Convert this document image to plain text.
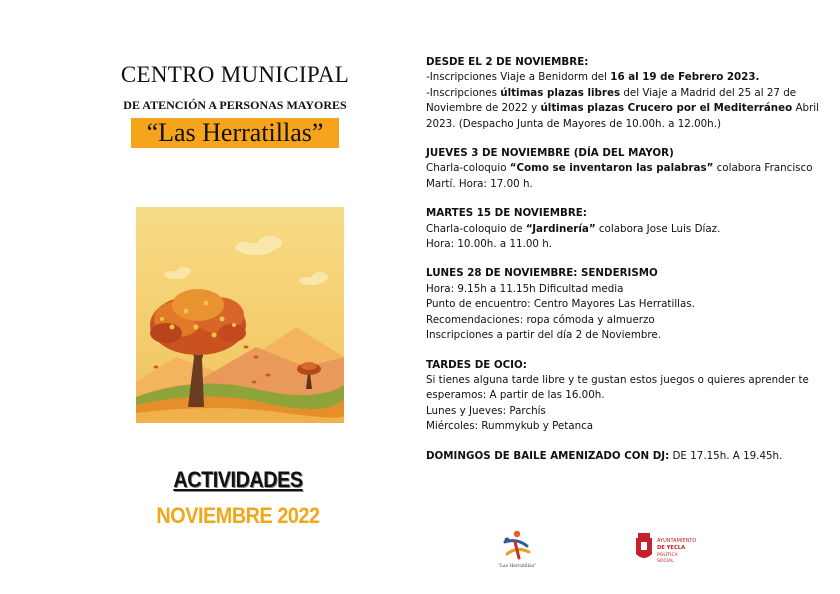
CENTRO MUNICIPAL
DE ATENCIÓN A PERSONAS MAYORES
“Las Herratillas”
ACTIVIDADES
NOVIEMBRE 2022

DESDE EL 2 DE NOVIEMBRE:

-Inscripciones Viaje a Benidorm del 16 al 19 de Febrero 2023.

-Inscripciones últimas plazas libres del Viaje a Madrid del 25 al 27 de Noviembre de 2022 y últimas plazas Crucero por el Mediterráneo Abril 2023. (Despacho Junta de Mayores de 10.00h. a 12.00h.)

JUEVES 3 DE NOVIEMBRE (DÍA DEL MAYOR)

Charla-coloquio “Como se inventaron las palabras” colabora Francisco Martí. Hora: 17.00 h.

MARTES 15 DE NOVIEMBRE:

Charla-coloquio de “Jardinería” colabora Jose Luis Díaz.

Hora: 10.00h. a 11.00 h.

LUNES 28 DE NOVIEMBRE: SENDERISMO

Hora: 9.15h a 11.15h Dificultad media

Punto de encuentro: Centro Mayores Las Herratillas.

Recomendaciones: ropa cómoda y almuerzo

Inscripciones a partir del día 2 de Noviembre.

TARDES DE OCIO:

Si tienes alguna tarde libre y te gustan estos juegos o quieres aprender te esperamos: A partir de las 16.00h.

Lunes y Jueves: Parchís

Miércoles: Rummykub y Petanca

DOMINGOS DE BAILE AMENIZADO CON DJ: DE 17.15h. A 19.45h.

"Las Herratillas"
AYUNTAMIENTO
DE YECLA
POLÍTICA
SOCIAL
